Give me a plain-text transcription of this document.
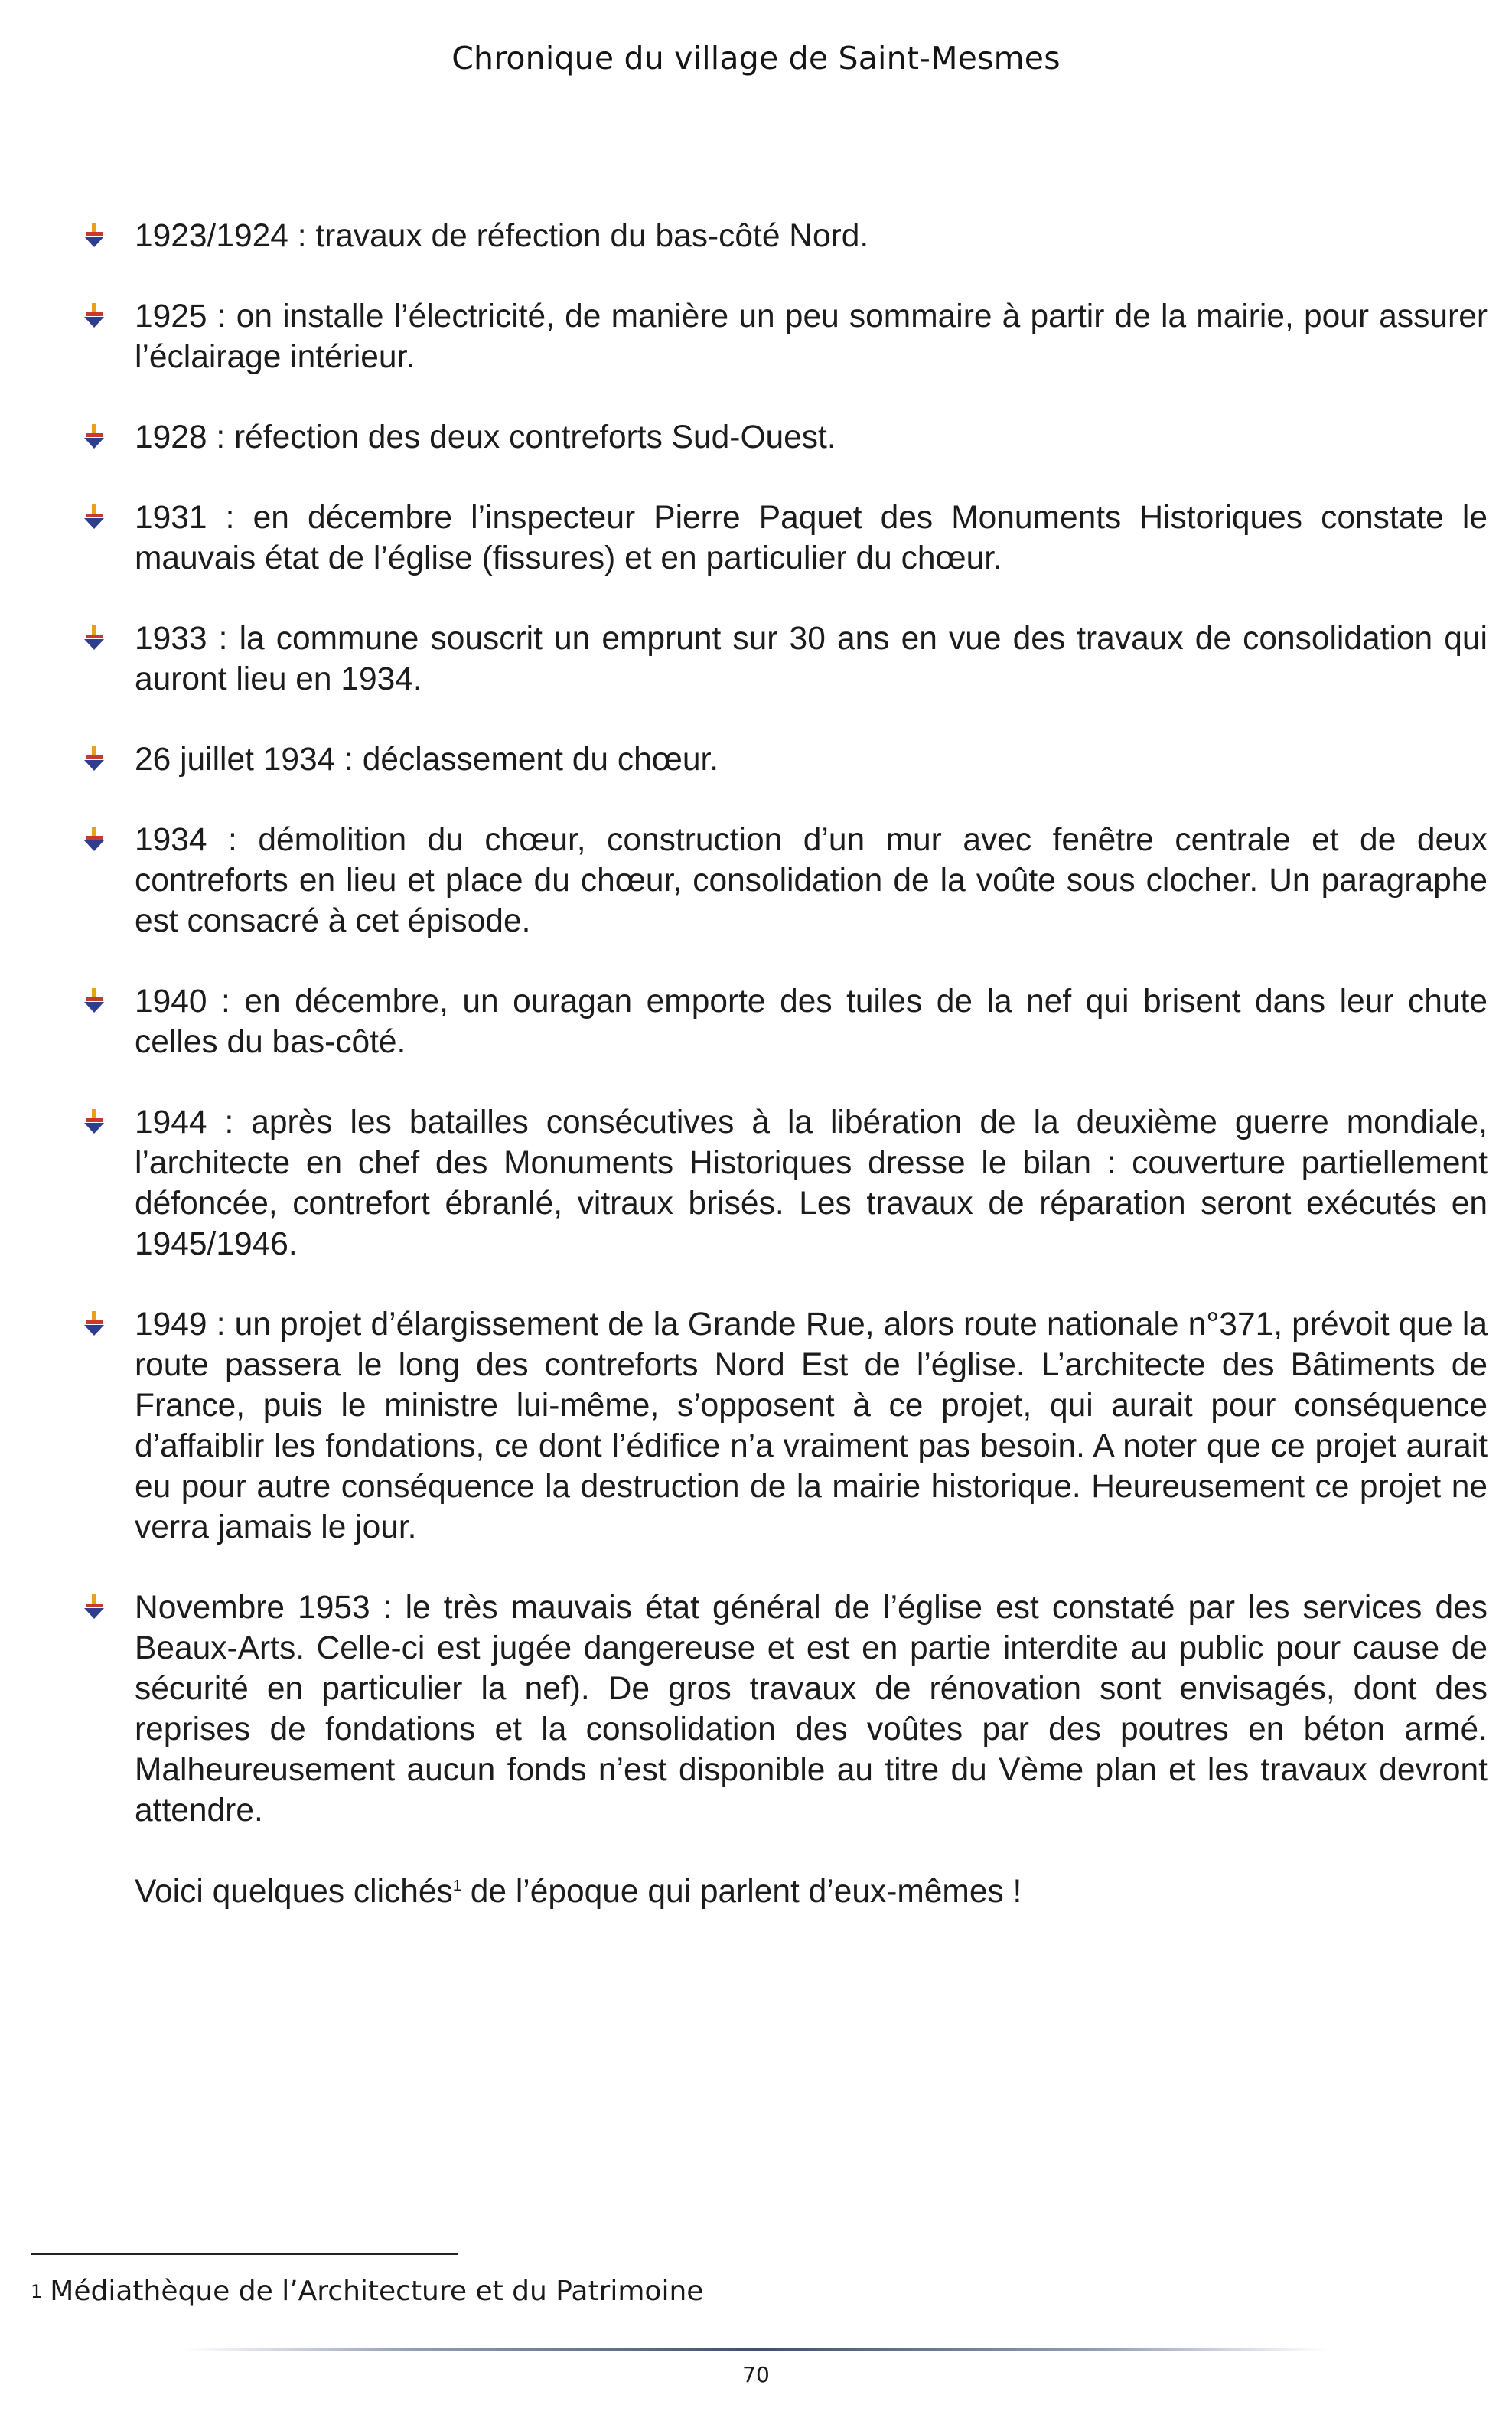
Chronique du village de Saint-Mesmes
1923/1924 : travaux de réfection du bas-côté Nord.
1925 : on installe l’électricité, de manière un peu sommaire à partir de la mairie, pour assurer l’éclairage intérieur.
1928 : réfection des deux contreforts Sud-Ouest.
1931 : en décembre l’inspecteur Pierre Paquet des Monuments Historiques constate le mauvais état de l’église (fissures) et en particulier du chœur.
1933 : la commune souscrit un emprunt sur 30 ans en vue des travaux de consolidation qui auront lieu en 1934.
26 juillet 1934 : déclassement du chœur.
1934 : démolition du chœur, construction d’un mur avec fenêtre centrale et de deux contreforts en lieu et place du chœur, consolidation de la voûte sous clocher. Un paragraphe est consacré à cet épisode.
1940 : en décembre, un ouragan emporte des tuiles de la nef qui brisent dans leur chute celles du bas-côté.
1944 : après les batailles consécutives à la libération de la deuxième guerre mondiale, l’architecte en chef des Monuments Historiques dresse le bilan : couverture partiellement défoncée, contrefort ébranlé, vitraux brisés. Les travaux de réparation seront exécutés en 1945/1946.
1949 : un projet d’élargissement de la Grande Rue, alors route nationale n°371, prévoit que la route passera le long des contreforts Nord Est de l’église. L’architecte des Bâtiments de France, puis le ministre lui-même, s’opposent à ce projet, qui aurait pour conséquence d’affaiblir les fondations, ce dont l’édifice n’a vraiment pas besoin. A noter que ce projet aurait eu pour autre conséquence la destruction de la mairie historique. Heureusement ce projet ne verra jamais le jour.
Novembre 1953 : le très mauvais état général de l’église est constaté par les services des Beaux-Arts. Celle-ci est jugée dangereuse et est en partie interdite au public pour cause de sécurité en particulier la nef). De gros travaux de rénovation sont envisagés, dont des reprises de fondations et la consolidation des voûtes par des poutres en béton armé. Malheureusement aucun fonds n’est disponible au titre du Vème plan et les travaux devront attendre.
Voici quelques clichés$^1$ de l’époque qui parlent d’eux-mêmes !
$^1$ Médiathèque de l’Architecture et du Patrimoine
70
